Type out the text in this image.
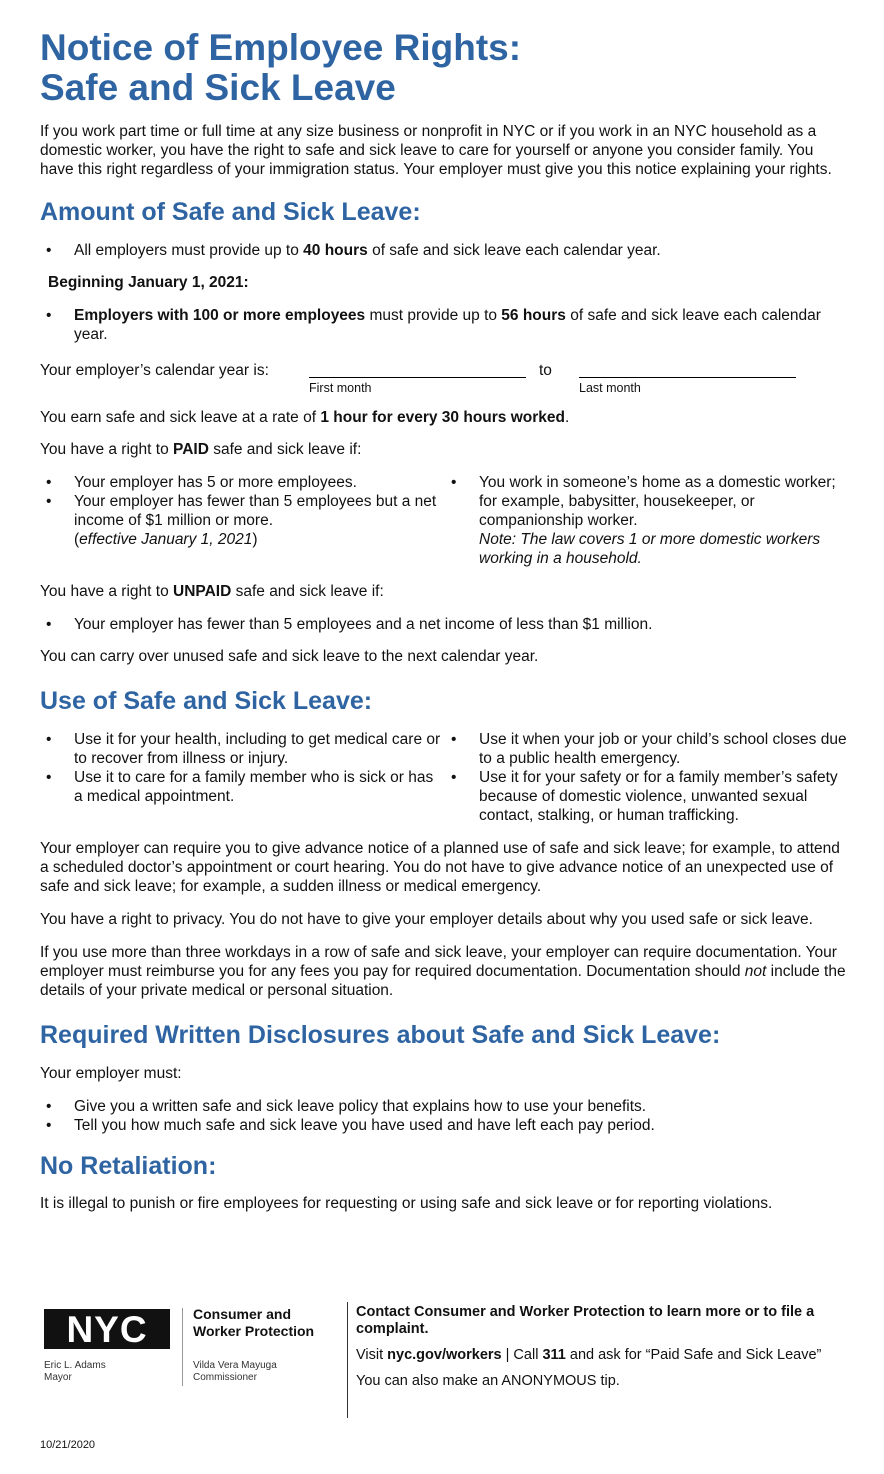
Notice of Employee Rights:
Safe and Sick Leave

If you work part time or full time at any size business or nonprofit in NYC or if you work in an NYC household as a domestic worker, you have the right to safe and sick leave to care for yourself or anyone you consider family. You have this right regardless of your immigration status. Your employer must give you this notice explaining your rights.

Amount of Safe and Sick Leave:
• All employers must provide up to 40 hours of safe and sick leave each calendar year.

Beginning January 1, 2021:

• Employers with 100 or more employees must provide up to 56 hours of safe and sick leave each calendar year.
Your employer’s calendar year is:
First month
to
Last month

You earn safe and sick leave at a rate of 1 hour for every 30 hours worked.

You have a right to PAID safe and sick leave if:

• Your employer has 5 or more employees.
• Your employer has fewer than 5 employees but a net income of $1 million or more.
(effective January 1, 2021)
• You work in someone’s home as a domestic worker; for example, babysitter, housekeeper, or companionship worker.
Note: The law covers 1 or more domestic workers working in a household.

You have a right to UNPAID safe and sick leave if:

• Your employer has fewer than 5 employees and a net income of less than $1 million.

You can carry over unused safe and sick leave to the next calendar year.

Use of Safe and Sick Leave:
• Use it for your health, including to get medical care or to recover from illness or injury.
• Use it to care for a family member who is sick or has a medical appointment.
• Use it when your job or your child’s school closes due to a public health emergency.
• Use it for your safety or for a family member’s safety because of domestic violence, unwanted sexual contact, stalking, or human trafficking.

Your employer can require you to give advance notice of a planned use of safe and sick leave; for example, to attend a scheduled doctor’s appointment or court hearing. You do not have to give advance notice of an unexpected use of safe and sick leave; for example, a sudden illness or medical emergency.

You have a right to privacy. You do not have to give your employer details about why you used safe or sick leave.

If you use more than three workdays in a row of safe and sick leave, your employer can require documentation. Your employer must reimburse you for any fees you pay for required documentation. Documentation should not include the details of your private medical or personal situation.

Required Written Disclosures about Safe and Sick Leave:

Your employer must:

• Give you a written safe and sick leave policy that explains how to use your benefits.
• Tell you how much safe and sick leave you have used and have left each pay period.
No Retaliation:

It is illegal to punish or fire employees for requesting or using safe and sick leave or for reporting violations.

NYC	Consumer and
Worker Protection
Eric L. Adams
Mayor
Vilda Vera Mayuga
Commissioner
Contact Consumer and Worker Protection to learn more or to file a complaint.
Visit nyc.gov/workers | Call 311 and ask for “Paid Safe and Sick Leave”
You can also make an ANONYMOUS tip.
10/21/2020
